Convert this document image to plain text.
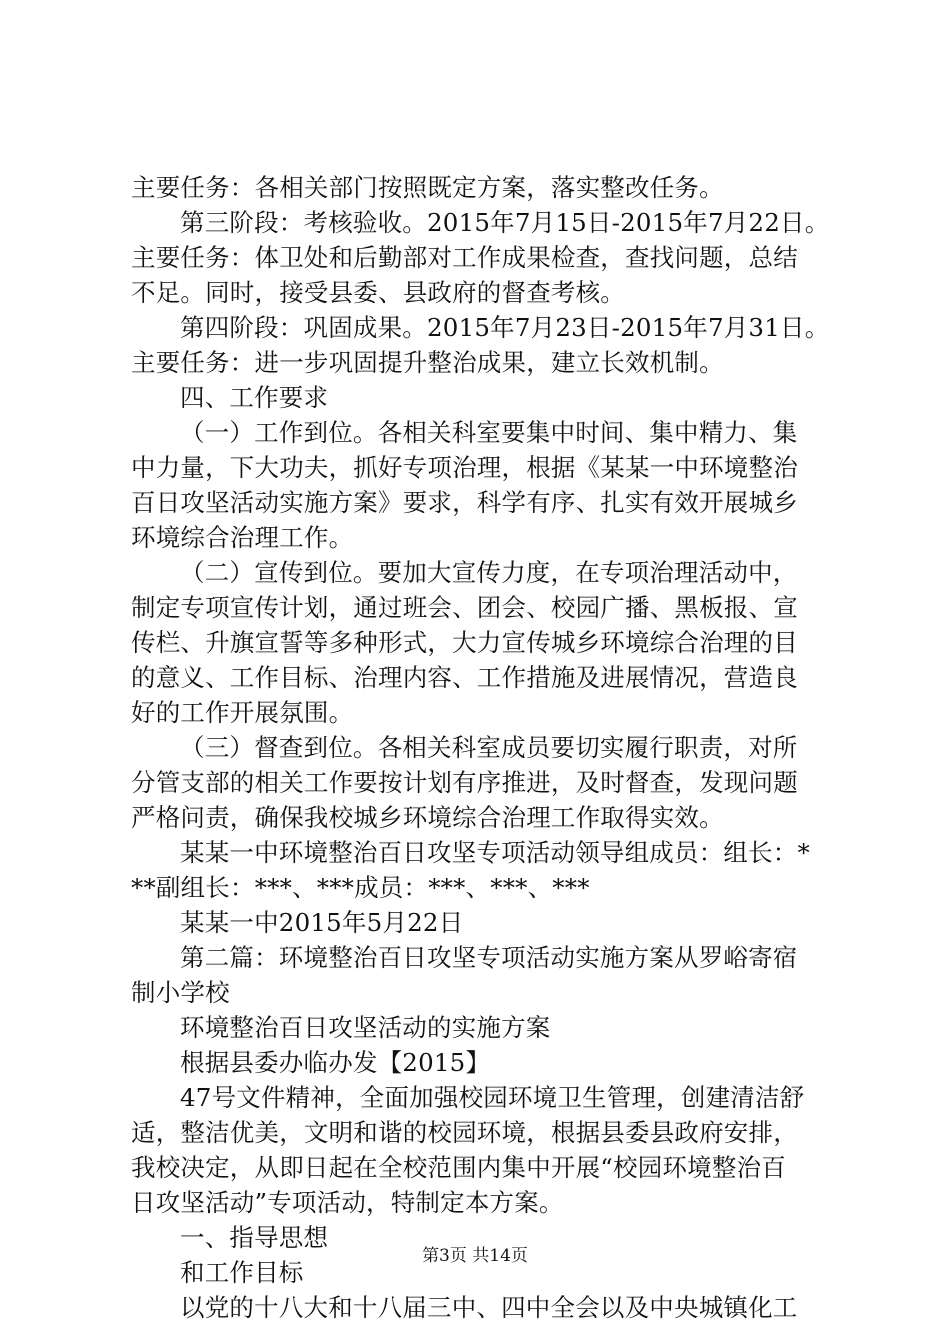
主要任务：各相关部门按照既定方案，落实整改任务。
第三阶段：考核验收。2015年7月15日-2015年7月22日。
主要任务：体卫处和后勤部对工作成果检查，查找问题，总结
不足。同时，接受县委、县政府的督查考核。
第四阶段：巩固成果。2015年7月23日-2015年7月31日。
主要任务：进一步巩固提升整治成果，建立长效机制。
四、工作要求
（一）工作到位。各相关科室要集中时间、集中精力、集
中力量，下大功夫，抓好专项治理，根据《某某一中环境整治
百日攻坚活动实施方案》要求，科学有序、扎实有效开展城乡
环境综合治理工作。
（二）宣传到位。要加大宣传力度，在专项治理活动中，
制定专项宣传计划，通过班会、团会、校园广播、黑板报、宣
传栏、升旗宣誓等多种形式，大力宣传城乡环境综合治理的目
的意义、工作目标、治理内容、工作措施及进展情况，营造良
好的工作开展氛围。
（三）督查到位。各相关科室成员要切实履行职责，对所
分管支部的相关工作要按计划有序推进，及时督查，发现问题
严格问责，确保我校城乡环境综合治理工作取得实效。
某某一中环境整治百日攻坚专项活动领导组成员：组长：*
**副组长：***、***成员：***、***、***
某某一中2015年5月22日
第二篇：环境整治百日攻坚专项活动实施方案从罗峪寄宿
制小学校
环境整治百日攻坚活动的实施方案
根据县委办临办发【2015】
47号文件精神，全面加强校园环境卫生管理，创建清洁舒
适，整洁优美，文明和谐的校园环境，根据县委县政府安排，
我校决定，从即日起在全校范围内集中开展“校园环境整治百
日攻坚活动”专项活动，特制定本方案。
一、指导思想
和工作目标
以党的十八大和十八届三中、四中全会以及中央城镇化工
第3页 共14页
